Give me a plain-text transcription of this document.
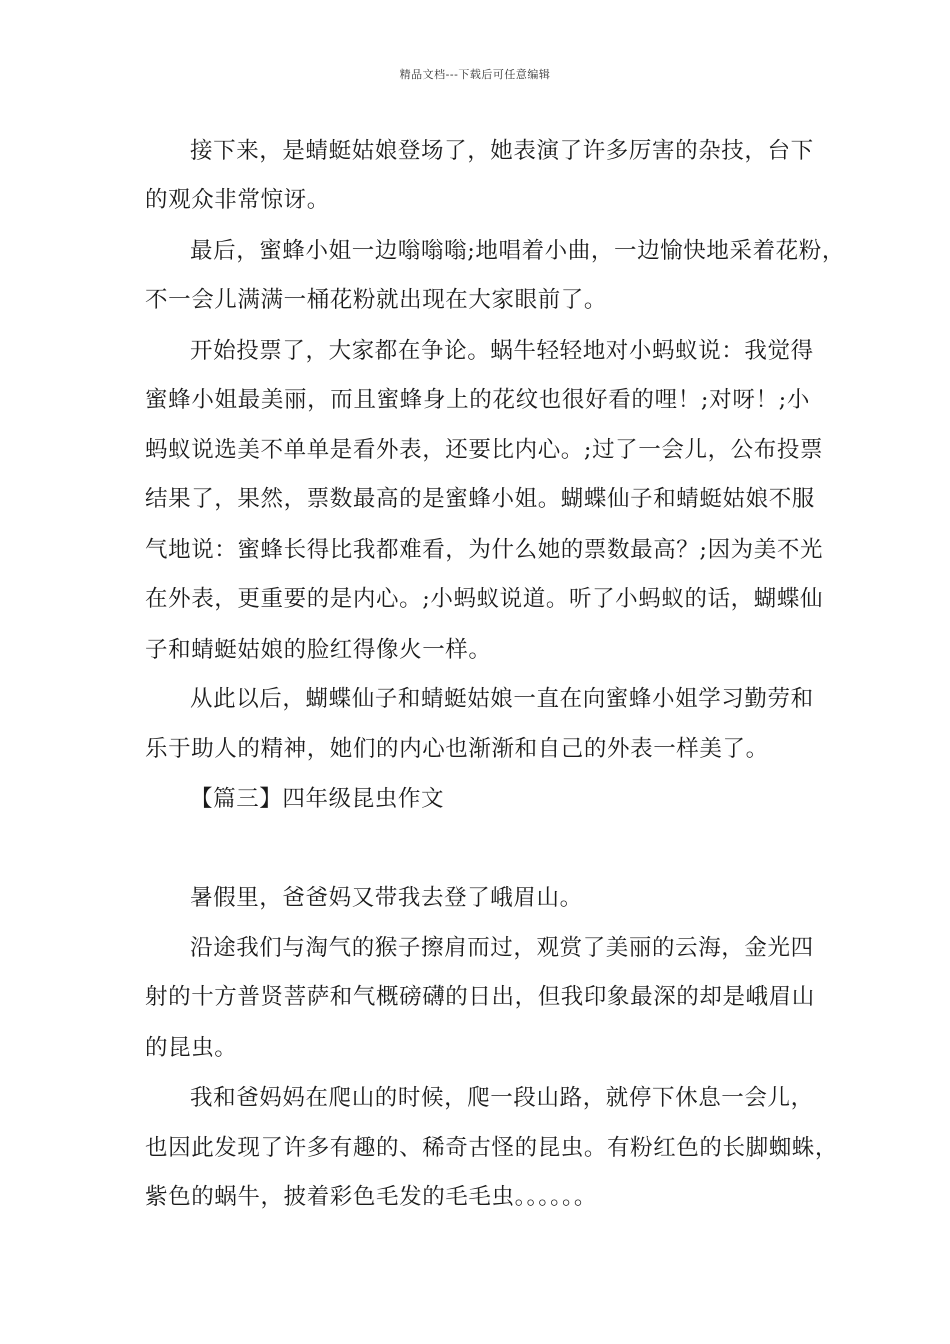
精品文档---下载后可任意编辑
接下来，是蜻蜓姑娘登场了，她表演了许多厉害的杂技，台下
的观众非常惊讶。
最后，蜜蜂小姐一边嗡嗡嗡;地唱着小曲，一边愉快地采着花粉，
不一会儿满满一桶花粉就出现在大家眼前了。
开始投票了，大家都在争论。蜗牛轻轻地对小蚂蚁说：我觉得
蜜蜂小姐最美丽，而且蜜蜂身上的花纹也很好看的哩！;对呀！;小
蚂蚁说选美不单单是看外表，还要比内心。;过了一会儿，公布投票
结果了，果然，票数最高的是蜜蜂小姐。蝴蝶仙子和蜻蜓姑娘不服
气地说：蜜蜂长得比我都难看，为什么她的票数最高？;因为美不光
在外表，更重要的是内心。;小蚂蚁说道。听了小蚂蚁的话，蝴蝶仙
子和蜻蜓姑娘的脸红得像火一样。
从此以后，蝴蝶仙子和蜻蜓姑娘一直在向蜜蜂小姐学习勤劳和
乐于助人的精神，她们的内心也渐渐和自己的外表一样美了。
【篇三】四年级昆虫作文
暑假里，爸爸妈又带我去登了峨眉山。
沿途我们与淘气的猴子擦肩而过，观赏了美丽的云海，金光四
射的十方普贤菩萨和气概磅礴的日出，但我印象最深的却是峨眉山
的昆虫。
我和爸妈妈在爬山的时候，爬一段山路，就停下休息一会儿，
也因此发现了许多有趣的、稀奇古怪的昆虫。有粉红色的长脚蜘蛛，
紫色的蜗牛，披着彩色毛发的毛毛虫。。。。。。
